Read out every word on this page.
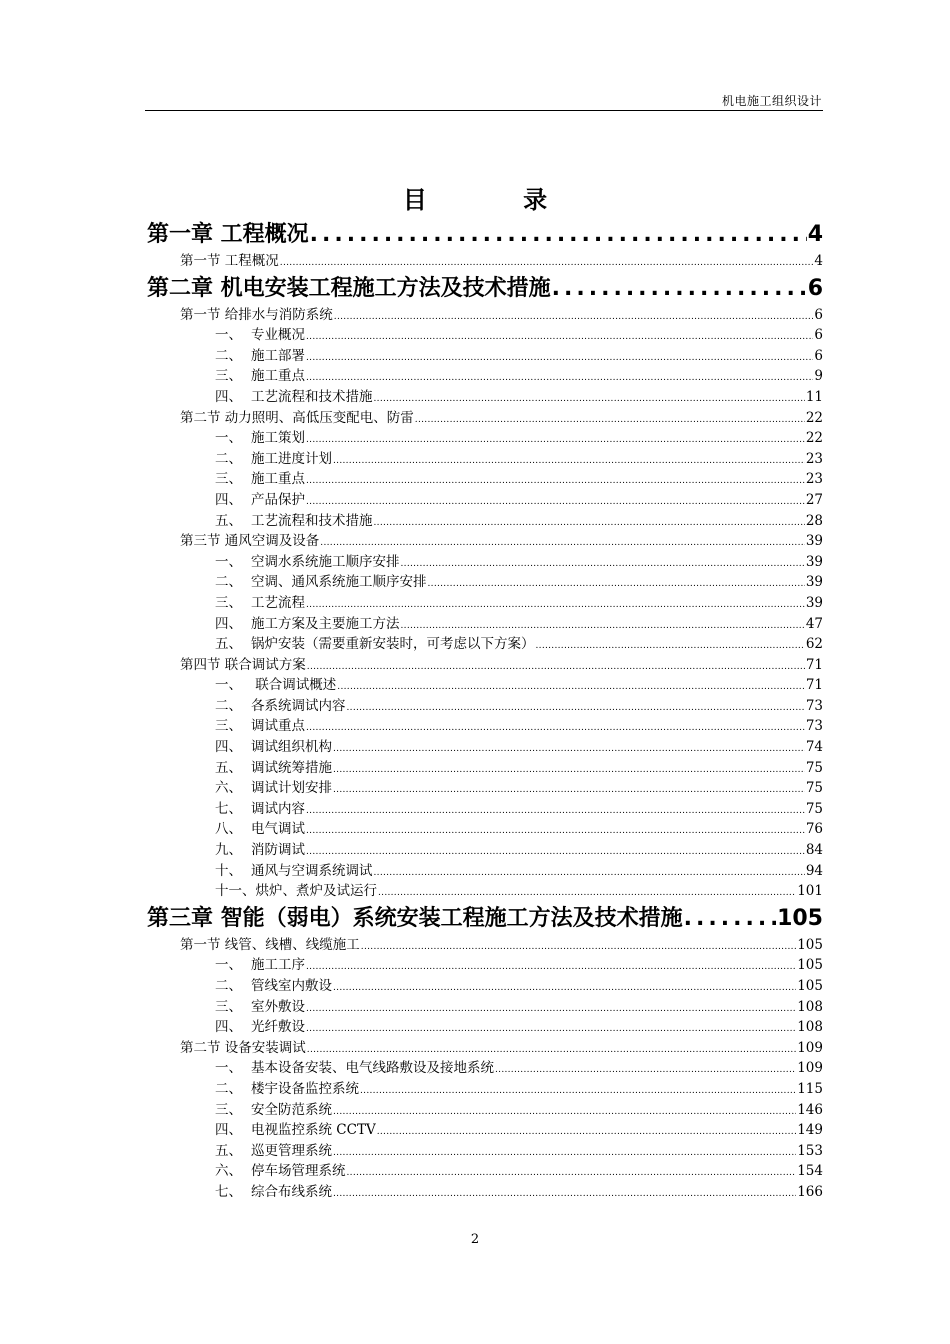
机电施工组织设计
目 录
第一章 工程概况 .....	4
第一节 工程概况 .....	4
第二章 机电安装工程施工方法及技术措施 .....	6
第一节 给排水与消防系统 .....	6
一、 专业概况 .....	6
二、 施工部署 .....	6
三、 施工重点 .....	9
四、 工艺流程和技术措施 .....	11
第二节 动力照明、高低压变配电、防雷 .....	22
一、 施工策划 .....	22
二、 施工进度计划 .....	23
三、 施工重点 .....	23
四、 产品保护 .....	27
五、 工艺流程和技术措施 .....	28
第三节 通风空调及设备 .....	39
一、 空调水系统施工顺序安排 .....	39
二、 空调、通风系统施工顺序安排 .....	39
三、 工艺流程 .....	39
四、 施工方案及主要施工方法 .....	47
五、 锅炉安装（需要重新安装时，可考虑以下方案） .....	62
第四节 联合调试方案 .....	71
一、 联合调试概述 .....	71
二、 各系统调试内容 .....	73
三、 调试重点 .....	73
四、 调试组织机构 .....	74
五、 调试统筹措施 .....	75
六、 调试计划安排 .....	75
七、 调试内容 .....	75
八、 电气调试 .....	76
九、 消防调试 .....	84
十、 通风与空调系统调试 .....	94
十一、烘炉、煮炉及试运行 .....	101
第三章 智能（弱电）系统安装工程施工方法及技术措施 .....	105
第一节 线管、线槽、线缆施工 .....	105
一、 施工工序 .....	105
二、 管线室内敷设 .....	105
三、 室外敷设 .....	108
四、 光纤敷设 .....	108
第二节 设备安装调试 .....	109
一、 基本设备安装、电气线路敷设及接地系统 .....	109
二、 楼宇设备监控系统 .....	115
三、 安全防范系统 .....	146
四、 电视监控系统 CCTV .....	149
五、 巡更管理系统 .....	153
六、 停车场管理系统 .....	154
七、 综合布线系统 .....	166
2
